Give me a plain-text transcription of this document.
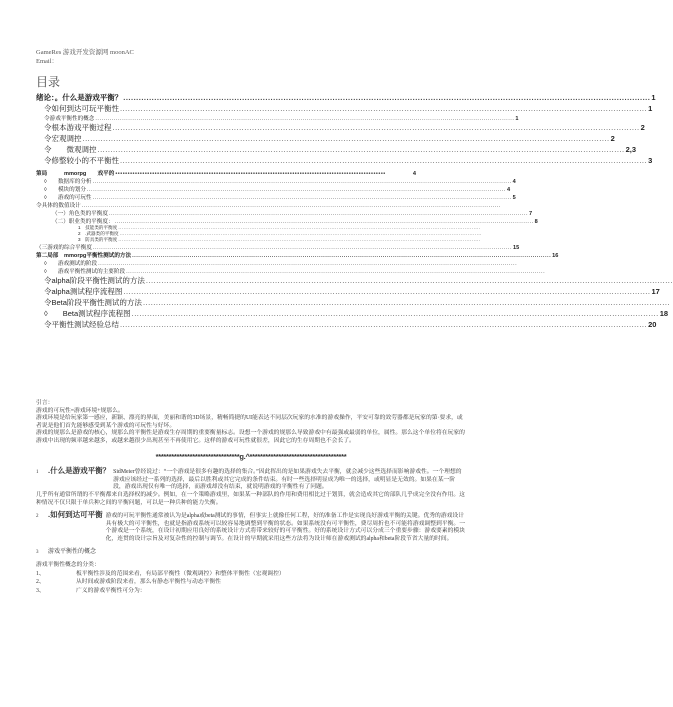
GameRes 游戏开发资源网 moonAC
Email：
目录
绪论：。什么是游戏平衡？ ............................................................................................................................................................................................................ 1
令如何到达可玩平衡性 ............................................................................................................................................................................................................ 1
令游戏平衡性的概念 ............................................................................................................................................................................................................ 1
令根本游戏平衡过程 ............................................................................................................................................................................................................ 2
令宏观调控 ............................................................................................................................................................................................................ 2
令　　微观调控 ............................................................................................................................................................................................................ 2,3
令修整较小的不平衡性 ............................................................................................................................................................................................................ 3
第局　　　mmorpg　　戏平的 ••••••••••••••••••••••••••••••••••••••••••••••••••••••••••••••••••••••••••••••••••••••••••••••••••••••••••••••	4
◊　　数据库的分析 ............................................................................................................................................................................................................ 4
◊　　模块的划分 ............................................................................................................................................................................................................ 4
◊　　游戏的可玩性 ............................................................................................................................................................................................................ 5
令具体的数值设计 ............................................................................................................................................................................................................
（一）角色类的平衡度 ............................................................................................................................................................................................................ 7
（二）职业类的平衡度： ............................................................................................................................................................................................................ 8
1　技能类的平衡度 ............................................................................................................................................................................................................
2　.武器类的平衡度 ............................................................................................................................................................................................................
3　防具类的平衡度 ............................................................................................................................................................................................................
（三游戏的综合平衡度 ............................................................................................................................................................................................................ 15
第二局部　mmorpg平衡性测试的方法 ............................................................................................................................................................................................................ 16
◊　　游戏测试的阶段 ............................................................................................................................................................................................................
◊　　游戏平衡性测试的主要阶段 ............................................................................................................................................................................................................
令alpha阶段平衡性测试的方法 ............................................................................................................................................................................................................
令alpha测试程序流程图 ............................................................................................................................................................................................................ 17
令Beta阶段平衡性测试的方法 ............................................................................................................................................................................................................
◊　　Beta测试程序流程图 ............................................................................................................................................................................................................ 18
令平衡性测试经验总结 ............................................................................................................................................................................................................ 20

引言：

游戏的可玩性=游戏环境+规那么。

游戏环境是给玩家第一感应，新颖、漂亮的界面，美丽和谐的3D场景，精畅简捷的UI能表达不同层次玩家的水准的游戏操作，平安可靠的效劳器都是玩家的第·要求，或者说是他们首先能够感受到某个游戏的可玩性与好坏。

游戏的规那么是游戏的核心，规那么的平衡性是游戏生存周期的重要衡量标志。设想一个游戏的规那么导致游戏中有最强或最弱的单位，属性。那么这个单位将在玩家的游戏中出现的频率越来越多，或越来越很少出现甚至不再使用它。这样的游戏可玩性就很差，因此它的生存周期也不会长了。

********************************g.^*************************************
1	.什么是游戏平衡？ SidMeier曾经说过：“一个游戏是很多有趣的选择的集合。”因此挥出的是如果游戏失去平衡，就会减少这些选择而影响游戏性。一个理想的游戏应该经过一系列的选择，最后以胜利或其它完成的条件结束。有时一些选择明显成为唯一的选择，或明显是无效的。如果在某一阶段，游戏出现仅有唯一的选择，而游戏却没有结束，就说明游戏的平衡性有了问题。

几乎所有通常所谓的不平衡都来自选择权的减少。例如，在一个策略游戏里，如果某一种部队的作用和费用相比过于划算，就会造成其它的部队几乎成完全没有作用。这种情况不仅只限于单兵种之间的平衡问题，可以是一种兵种的能力失衡。

2	.如何到达可平衡 游戏的可玩平衡性通常被认为是alpha或beta测试的事情，但事实上就像任何工程，好的准备工作是实现良好游戏平衡的关键。优秀的游戏设计具有极大的可平衡性，也就是指游戏系统可以较容易地调整到平衡的状态。如果系统没有可平衡性，费尽周折也不可能将游戏调整到平衡。一个游戏是一个系统，在设计初期应用良好的系统设计方式将带来较好的可平衡性。好的系统设计方式可以分成三个重要步骤：游戏要素的模块化，连贯的设计宗旨及对复杂性的控制与调节。在设计的早期就采用这些方法将为设计师在游戏测试的alpha和beta阶段节省大量的时间。
3	游戏平衡性的概念

游戏平衡性概念的分类：

1、	板平衡性涉及的范围来看，有局部平衡性（微观调控）和整体平衡性（宏观调控）
2、	从时间或游戏阶段来看，那么有静态平衡性与动态平衡性
3、	广义的游戏平衡性可分为：
